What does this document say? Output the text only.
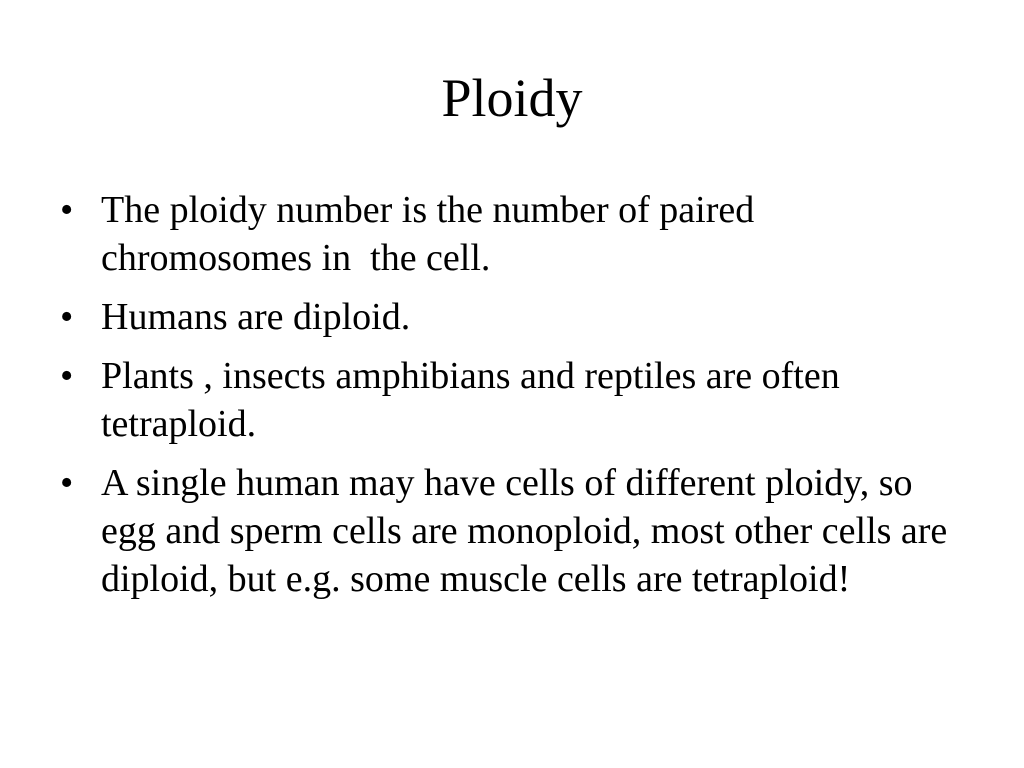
Ploidy
• The ploidy number is the number of paired chromosomes in  the cell.
• Humans are diploid.
• Plants , insects amphibians and reptiles are often tetraploid.
• A single human may have cells of different ploidy, so egg and sperm cells are monoploid, most other cells are diploid, but e.g. some muscle cells are tetraploid!
